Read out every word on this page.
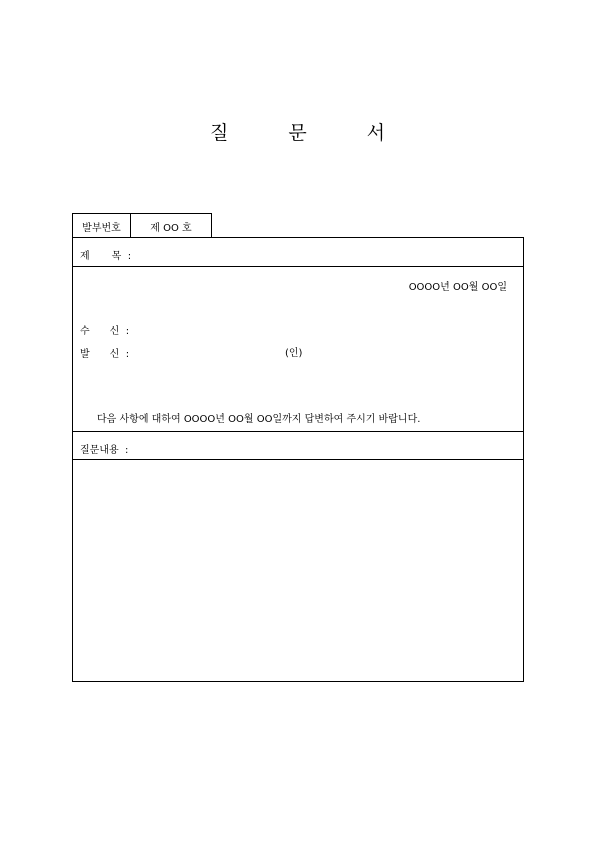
질	문	서
발부번호	제 OO 호
제 목 :
OOOO년 OO월 OO일
수 신 :
발 신 :	(인)
다음 사항에 대하여 OOOO년 OO월 OO일까지 답변하여 주시기 바랍니다.
질문내용 :
